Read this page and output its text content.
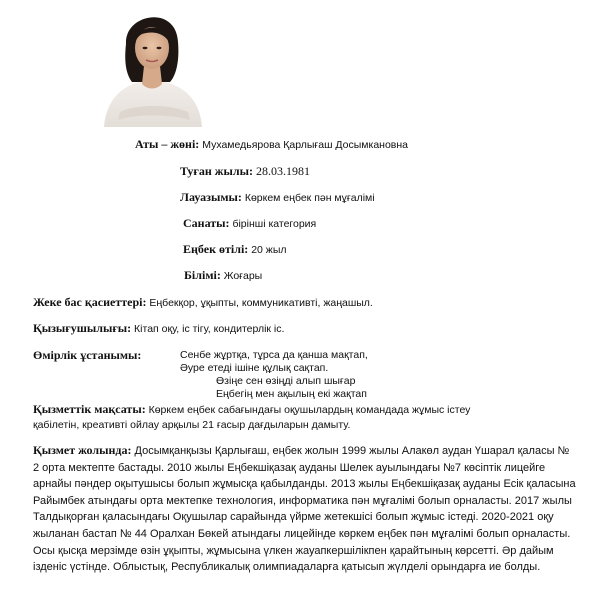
Аты – жөні: Мухамедьярова Қарлығаш Досымкановна
Туған жылы: 28.03.1981
Лауазымы: Көркем еңбек пән мұғалімі
Санаты: бірінші категория
Еңбек өтілі: 20 жыл
Білімі: Жоғары
Жеке бас қасиеттері: Еңбекқор, ұқыпты, коммуникативті, жаңашыл.
Қызығушылығы: Кітап оқу, іс тігу, кондитерлік іс.
Өмірлік ұстанымы:	Сенбе жұртқа, тұрса да қанша мақтап,
Әуре етеді ішіне құлық сақтап.
Өзіңе сен өзіңді алып шығар
Еңбегің мен ақылың екі жақтап
Қызметтік мақсаты: Көркем еңбек сабағындағы оқушылардың командада жұмыс істеу
қабілетін, креативті ойлау арқылы 21 ғасыр дағдыларын дамыту.
Қызмет жолында: Досымқанқызы Қарлығаш, еңбек жолын 1999 жылы Алакөл аудан Үшарал қаласы № 2 орта мектепте бастады. 2010 жылы Еңбекшіқазақ ауданы Шелек ауылындағы №7 көсіптік лицейге арнайы пәндер оқытушысы болып жұмысқа қабылданды. 2013 жылы Еңбекшіқазақ ауданы Есік қаласына Райымбек атындағы орта мектепке технология, информатика пән мұғалімі болып орналасты. 2017 жылы Талдықорған қаласындағы Оқушылар сарайында үйрме жетекшісі болып жұмыс істеді. 2020-2021 оқу жыланан бастап № 44 Оралхан Бөкей атындағы лицейінде көркем еңбек пән мұғалімі болып орналасты. Осы қысқа мерзімде өзін ұқыпты, жұмысына үлкен жауапкершілікпен қарайтының көрсетті. Әр дайым ізденіс үстінде. Облыстық, Республикалық олимпиадаларға қатысып жүлделі орындарға ие болды.
